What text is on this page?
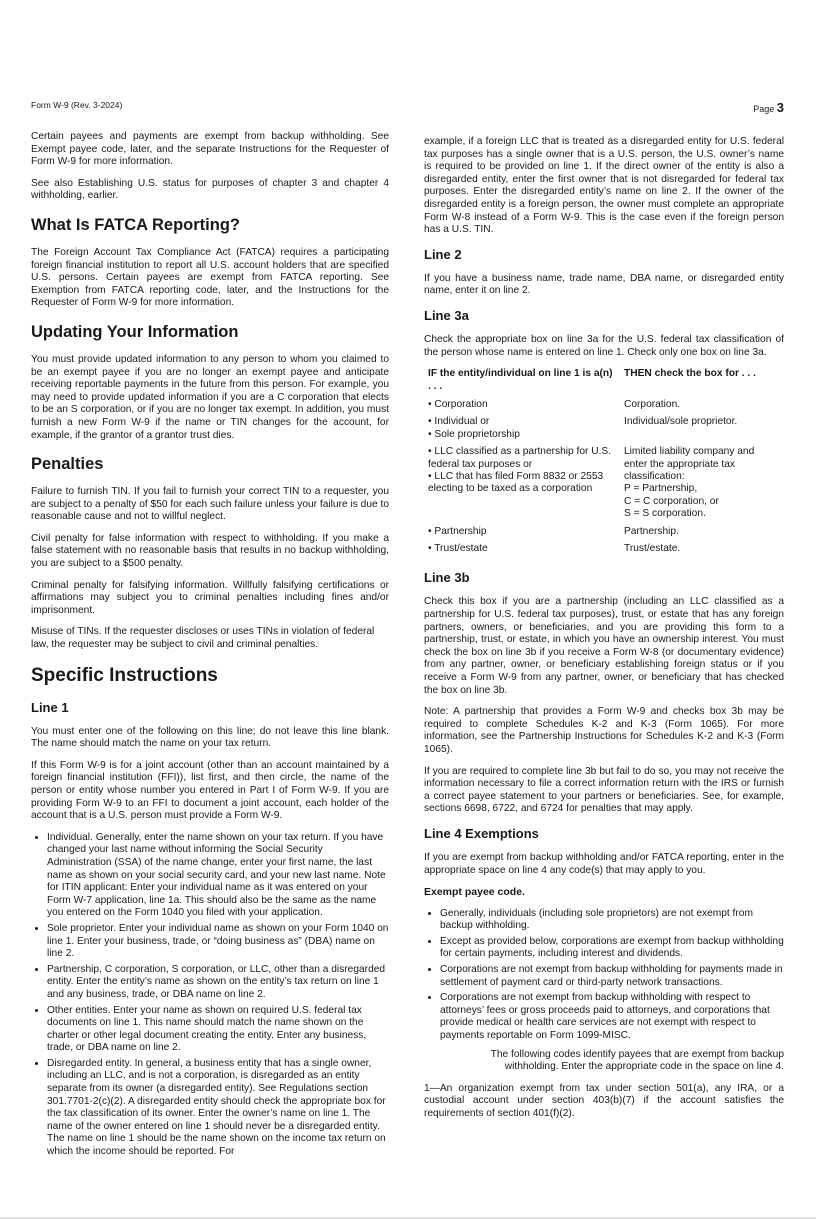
Form W-9 (Rev. 3-2024)	Page 3

Certain payees and payments are exempt from backup withholding. See Exempt payee code, later, and the separate Instructions for the Requester of Form W-9 for more information.

See also Establishing U.S. status for purposes of chapter 3 and chapter 4 withholding, earlier.

What Is FATCA Reporting?

The Foreign Account Tax Compliance Act (FATCA) requires a participating foreign financial institution to report all U.S. account holders that are specified U.S. persons. Certain payees are exempt from FATCA reporting. See Exemption from FATCA reporting code, later, and the Instructions for the Requester of Form W-9 for more information.

Updating Your Information

You must provide updated information to any person to whom you claimed to be an exempt payee if you are no longer an exempt payee and anticipate receiving reportable payments in the future from this person. For example, you may need to provide updated information if you are a C corporation that elects to be an S corporation, or if you are no longer tax exempt. In addition, you must furnish a new Form W-9 if the name or TIN changes for the account, for example, if the grantor of a grantor trust dies.

Penalties

Failure to furnish TIN. If you fail to furnish your correct TIN to a requester, you are subject to a penalty of $50 for each such failure unless your failure is due to reasonable cause and not to willful neglect.

Civil penalty for false information with respect to withholding. If you make a false statement with no reasonable basis that results in no backup withholding, you are subject to a $500 penalty.

Criminal penalty for falsifying information. Willfully falsifying certifications or affirmations may subject you to criminal penalties including fines and/or imprisonment.

Misuse of TINs. If the requester discloses or uses TINs in violation of federal law, the requester may be subject to civil and criminal penalties.

Specific Instructions
Line 1

You must enter one of the following on this line; do not leave this line blank. The name should match the name on your tax return.

If this Form W-9 is for a joint account (other than an account maintained by a foreign financial institution (FFI)), list first, and then circle, the name of the person or entity whose number you entered in Part I of Form W-9. If you are providing Form W-9 to an FFI to document a joint account, each holder of the account that is a U.S. person must provide a Form W-9.

• Individual. Generally, enter the name shown on your tax return. If you have changed your last name without informing the Social Security Administration (SSA) of the name change, enter your first name, the last name as shown on your social security card, and your new last name. Note for ITIN applicant: Enter your individual name as it was entered on your Form W-7 application, line 1a. This should also be the same as the name you entered on the Form 1040 you filed with your application.
• Sole proprietor. Enter your individual name as shown on your Form 1040 on line 1. Enter your business, trade, or “doing business as” (DBA) name on line 2.
• Partnership, C corporation, S corporation, or LLC, other than a disregarded entity. Enter the entity’s name as shown on the entity’s tax return on line 1 and any business, trade, or DBA name on line 2.
• Other entities. Enter your name as shown on required U.S. federal tax documents on line 1. This name should match the name shown on the charter or other legal document creating the entity. Enter any business, trade, or DBA name on line 2.
• Disregarded entity. In general, a business entity that has a single owner, including an LLC, and is not a corporation, is disregarded as an entity separate from its owner (a disregarded entity). See Regulations section 301.7701-2(c)(2). A disregarded entity should check the appropriate box for the tax classification of its owner. Enter the owner’s name on line 1. The name of the owner entered on line 1 should never be a disregarded entity. The name on line 1 should be the name shown on the income tax return on which the income should be reported. For

example, if a foreign LLC that is treated as a disregarded entity for U.S. federal tax purposes has a single owner that is a U.S. person, the U.S. owner’s name is required to be provided on line 1. If the direct owner of the entity is also a disregarded entity, enter the first owner that is not disregarded for federal tax purposes. Enter the disregarded entity’s name on line 2. If the owner of the disregarded entity is a foreign person, the owner must complete an appropriate Form W-8 instead of a Form W-9. This is the case even if the foreign person has a U.S. TIN.

Line 2

If you have a business name, trade name, DBA name, or disregarded entity name, enter it on line 2.

Line 3a

Check the appropriate box on line 3a for the U.S. federal tax classification of the person whose name is entered on line 1. Check only one box on line 3a.

IF the entity/individual on line 1 is a(n) . . .	THEN check the box for . . .
• Corporation	Corporation.
• Individual or
• Sole proprietorship	Individual/sole proprietor.
• LLC classified as a partnership for U.S. federal tax purposes or
• LLC that has filed Form 8832 or 2553 electing to be taxed as a corporation	Limited liability company and enter the appropriate tax classification:
P = Partnership,
C = C corporation, or
S = S corporation.
• Partnership	Partnership.
• Trust/estate	Trust/estate.
Line 3b

Check this box if you are a partnership (including an LLC classified as a partnership for U.S. federal tax purposes), trust, or estate that has any foreign partners, owners, or beneficiaries, and you are providing this form to a partnership, trust, or estate, in which you have an ownership interest. You must check the box on line 3b if you receive a Form W-8 (or documentary evidence) from any partner, owner, or beneficiary establishing foreign status or if you receive a Form W-9 from any partner, owner, or beneficiary that has checked the box on line 3b.

Note: A partnership that provides a Form W-9 and checks box 3b may be required to complete Schedules K-2 and K-3 (Form 1065). For more information, see the Partnership Instructions for Schedules K-2 and K-3 (Form 1065).

If you are required to complete line 3b but fail to do so, you may not receive the information necessary to file a correct information return with the IRS or furnish a correct payee statement to your partners or beneficiaries. See, for example, sections 6698, 6722, and 6724 for penalties that may apply.

Line 4 Exemptions

If you are exempt from backup withholding and/or FATCA reporting, enter in the appropriate space on line 4 any code(s) that may apply to you.

Exempt payee code.
• Generally, individuals (including sole proprietors) are not exempt from backup withholding.
• Except as provided below, corporations are exempt from backup withholding for certain payments, including interest and dividends.
• Corporations are not exempt from backup withholding for payments made in settlement of payment card or third-party network transactions.
• Corporations are not exempt from backup withholding with respect to attorneys’ fees or gross proceeds paid to attorneys, and corporations that provide medical or health care services are not exempt with respect to payments reportable on Form 1099-MISC.

The following codes identify payees that are exempt from backup withholding. Enter the appropriate code in the space on line 4.

1—An organization exempt from tax under section 501(a), any IRA, or a custodial account under section 403(b)(7) if the account satisfies the requirements of section 401(f)(2).
